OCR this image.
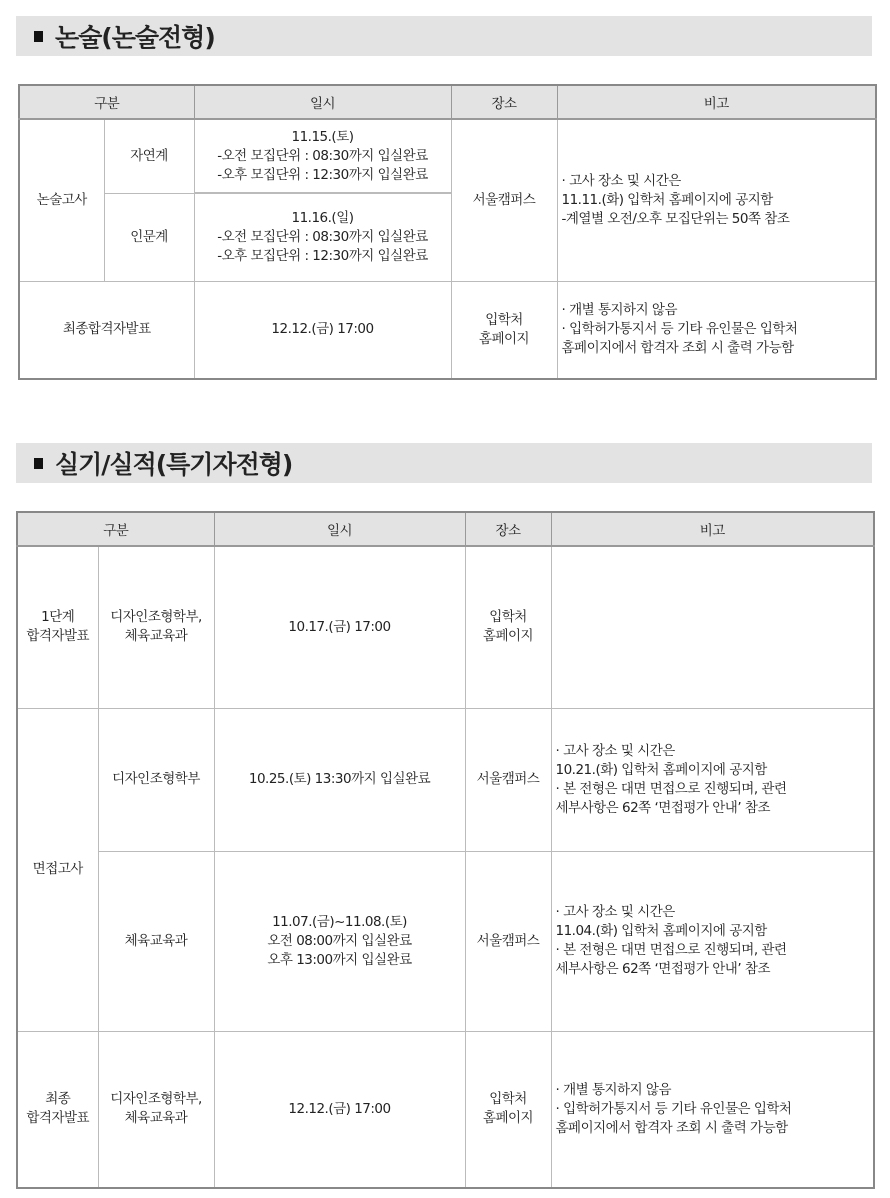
논술(논술전형)
구분		일시	장소	비고
논술고사	자연계	11.15.(토)
-오전 모집단위 : 08:30까지 입실완료
-오후 모집단위 : 12:30까지 입실완료	서울캠퍼스	· 고사 장소 및 시간은
11.11.(화) 입학처 홈페이지에 공지함
-계열별 오전/오후 모집단위는 50쪽 참조
	인문계	11.16.(일)
-오전 모집단위 : 08:30까지 입실완료
-오후 모집단위 : 12:30까지 입실완료		
최종합격자발표		12.12.(금) 17:00	입학처
홈페이지	· 개별 통지하지 않음
· 입학허가통지서 등 기타 유인물은 입학처
홈페이지에서 합격자 조회 시 출력 가능함
실기/실적(특기자전형)
구분		일시	장소	비고
1단계
합격자발표	디자인조형학부,
체육교육과	10.17.(금) 17:00	입학처
홈페이지	
면접고사	디자인조형학부	10.25.(토) 13:30까지 입실완료	서울캠퍼스	· 고사 장소 및 시간은
10.21.(화) 입학처 홈페이지에 공지함
· 본 전형은 대면 면접으로 진행되며, 관련
세부사항은 62쪽 ‘면접평가 안내’ 참조
	체육교육과	11.07.(금)~11.08.(토)
오전 08:00까지 입실완료
오후 13:00까지 입실완료	서울캠퍼스	· 고사 장소 및 시간은
11.04.(화) 입학처 홈페이지에 공지함
· 본 전형은 대면 면접으로 진행되며, 관련
세부사항은 62쪽 ‘면접평가 안내’ 참조
최종
합격자발표	디자인조형학부,
체육교육과	12.12.(금) 17:00	입학처
홈페이지	· 개별 통지하지 않음
· 입학허가통지서 등 기타 유인물은 입학처
홈페이지에서 합격자 조회 시 출력 가능함
